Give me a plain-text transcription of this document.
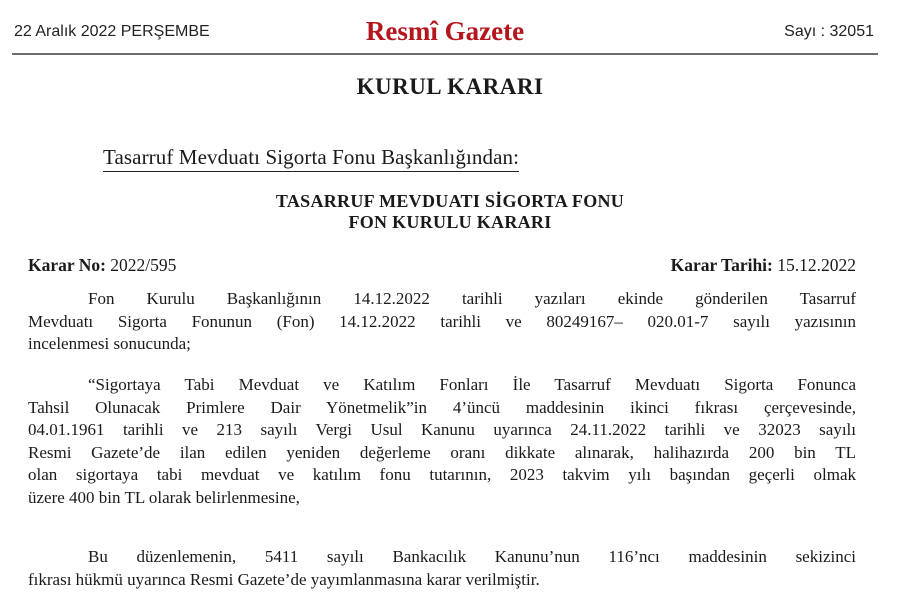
22 Aralık 2022 PERŞEMBE	Resmî Gazete	Sayı : 32051
KURUL KARARI
Tasarruf Mevduatı Sigorta Fonu Başkanlığından:
TASARRUF MEVDUATI SİGORTA FONU
FON KURULU KARARI
Karar No: 2022/595	Karar Tarihi: 15.12.2022
Fon Kurulu Başkanlığının 14.12.2022 tarihli yazıları ekinde gönderilen Tasarruf
Mevduatı Sigorta Fonunun (Fon) 14.12.2022 tarihli ve 80249167– 020.01-7 sayılı yazısının
incelenmesi sonucunda;
“Sigortaya Tabi Mevduat ve Katılım Fonları İle Tasarruf Mevduatı Sigorta Fonunca
Tahsil Olunacak Primlere Dair Yönetmelik”in 4’üncü maddesinin ikinci fıkrası çerçevesinde,
04.01.1961 tarihli ve 213 sayılı Vergi Usul Kanunu uyarınca 24.11.2022 tarihli ve 32023 sayılı
Resmi Gazete’de ilan edilen yeniden değerleme oranı dikkate alınarak, halihazırda 200 bin TL
olan sigortaya tabi mevduat ve katılım fonu tutarının, 2023 takvim yılı başından geçerli olmak
üzere 400 bin TL olarak belirlenmesine,
Bu düzenlemenin, 5411 sayılı Bankacılık Kanunu’nun 116’ncı maddesinin sekizinci
fıkrası hükmü uyarınca Resmi Gazete’de yayımlanmasına karar verilmiştir.
